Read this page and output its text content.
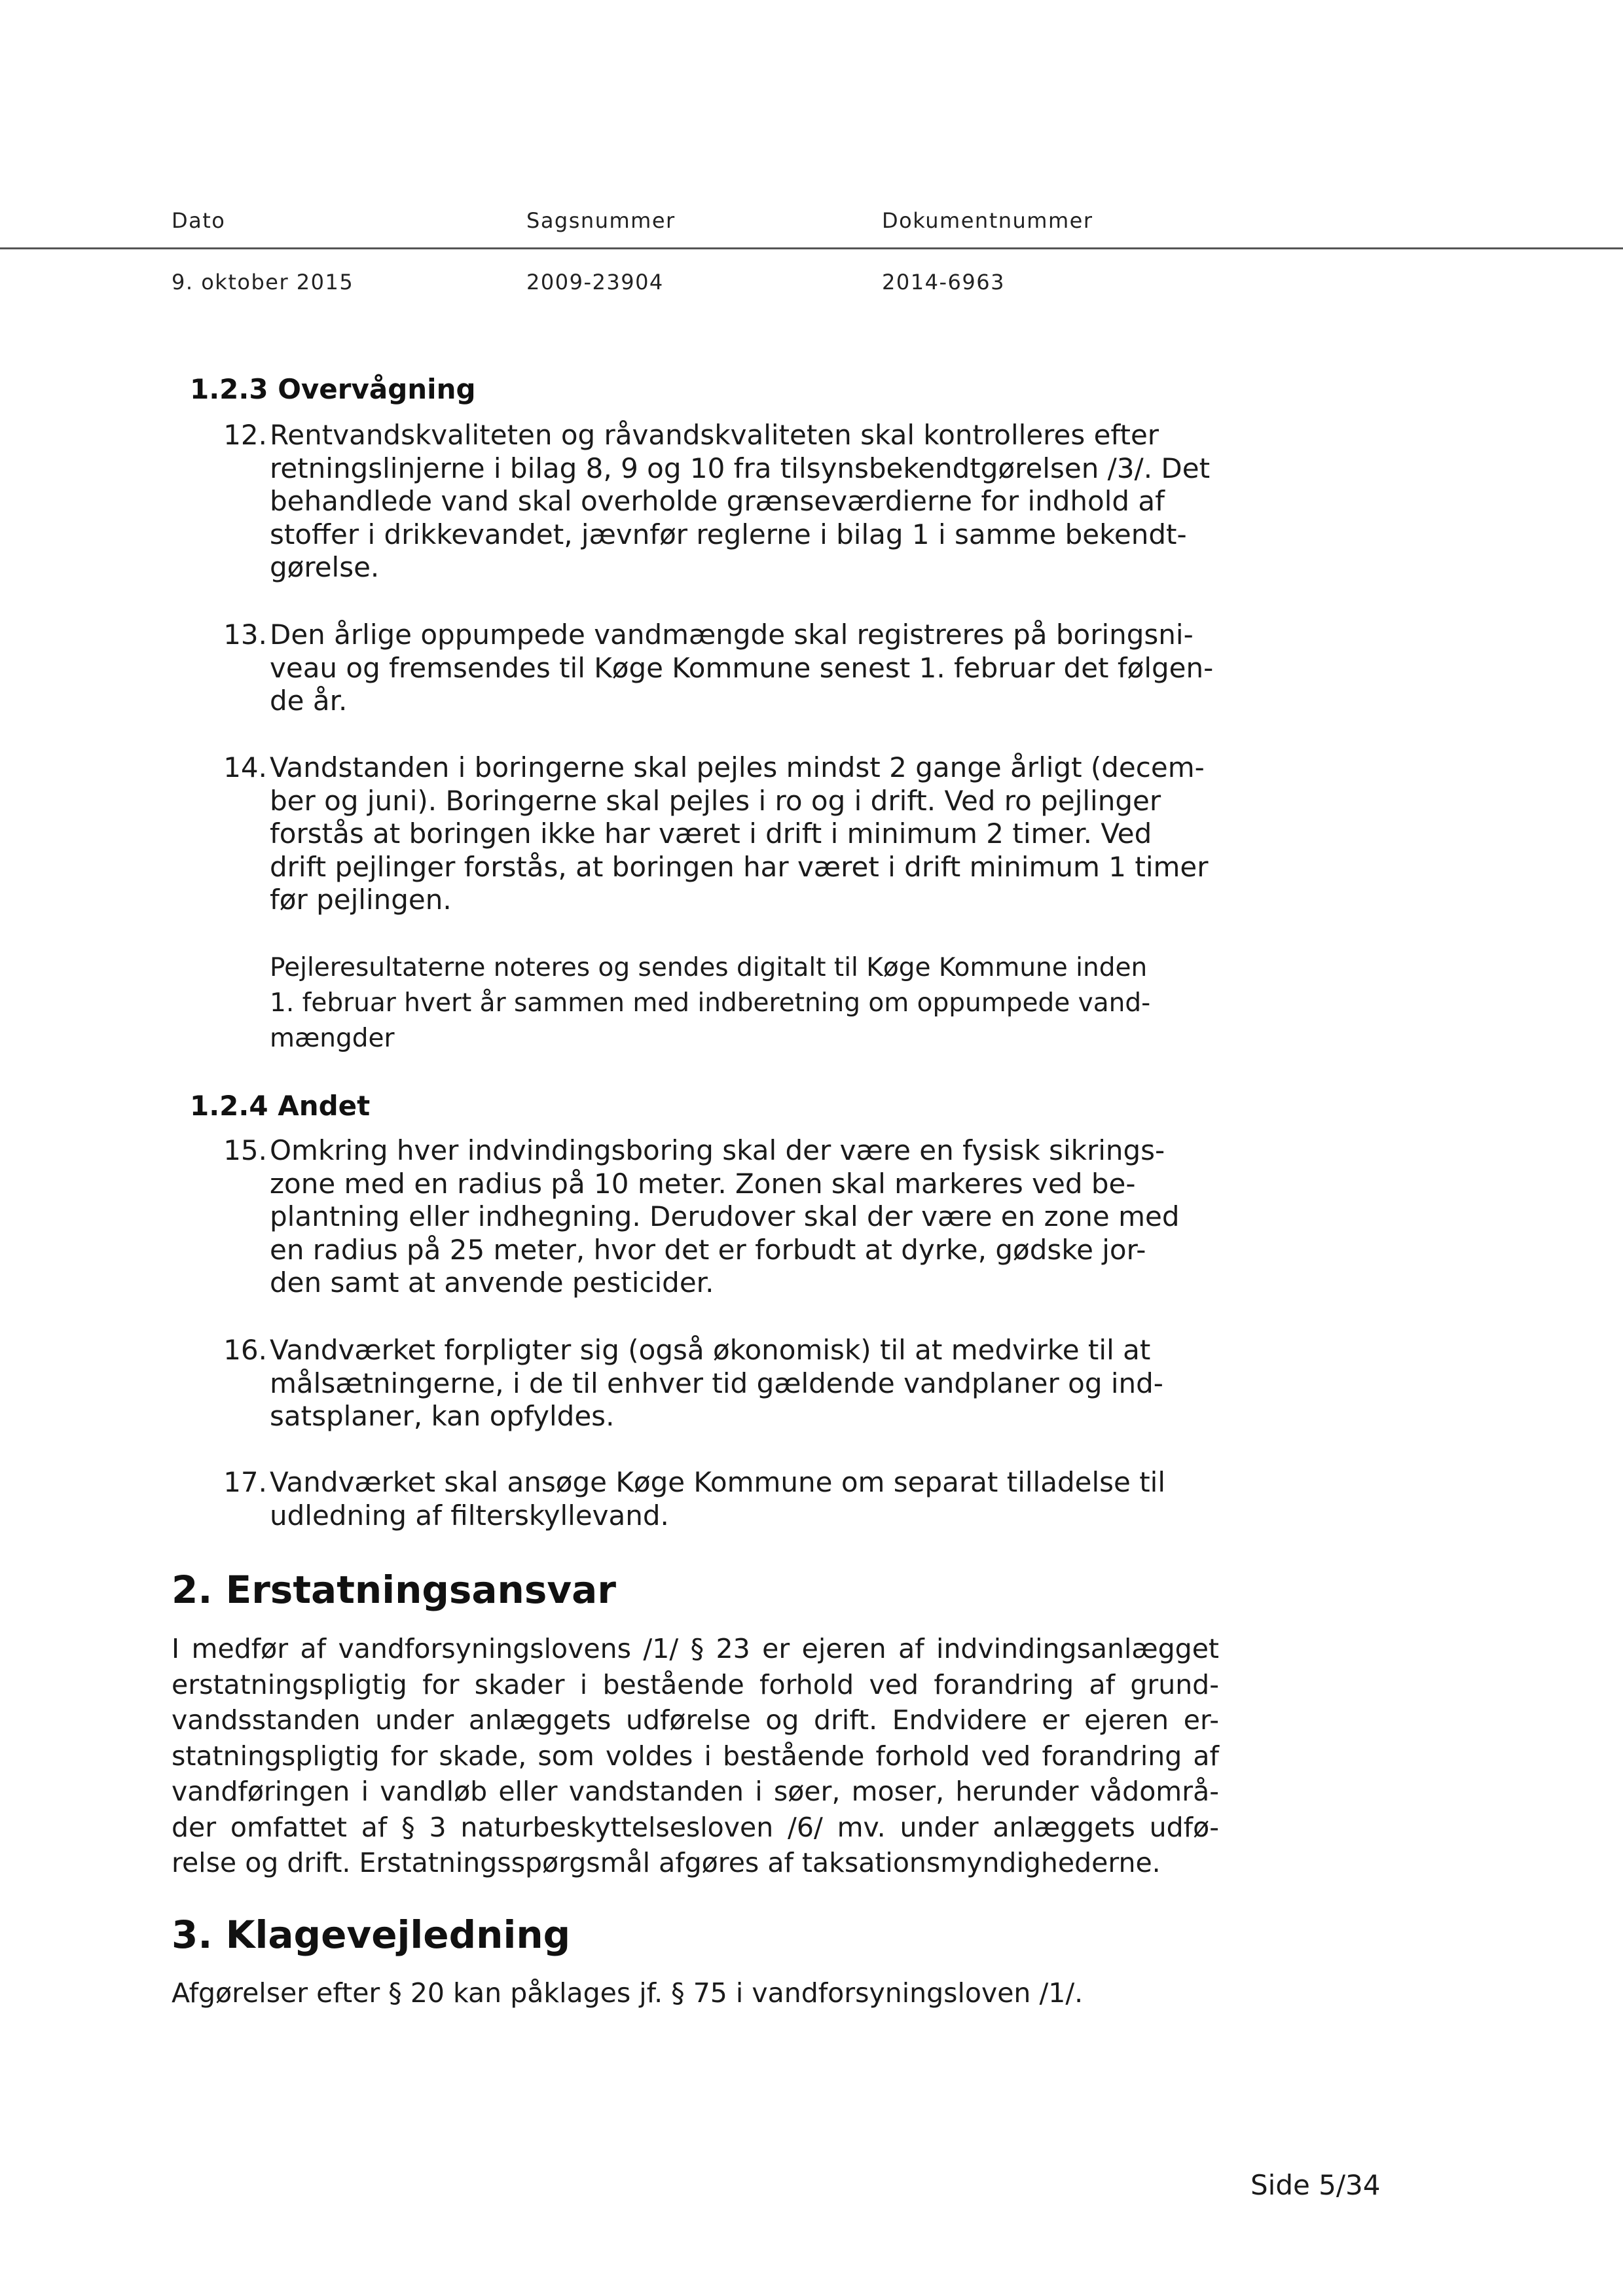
Dato	Sagsnummer	Dokumentnummer
9. oktober 2015	2009-23904	2014-6963
1.2.3 Overvågning
12. Rentvandskvaliteten og råvandskvaliteten skal kontrolleres efter
retningslinjerne i bilag 8, 9 og 10 fra tilsynsbekendtgørelsen /3/. Det
behandlede vand skal overholde grænseværdierne for indhold af
stoffer i drikkevandet, jævnfør reglerne i bilag 1 i samme bekendt-
gørelse.
13. Den årlige oppumpede vandmængde skal registreres på boringsni-
veau og fremsendes til Køge Kommune senest 1. februar det følgen-
de år.
14. Vandstanden i boringerne skal pejles mindst 2 gange årligt (decem-
ber og juni). Boringerne skal pejles i ro og i drift. Ved ro pejlinger
forstås at boringen ikke har været i drift i minimum 2 timer. Ved
drift pejlinger forstås, at boringen har været i drift minimum 1 timer
før pejlingen.
Pejleresultaterne noteres og sendes digitalt til Køge Kommune inden
1. februar hvert år sammen med indberetning om oppumpede vand-
mængder
1.2.4 Andet
15. Omkring hver indvindingsboring skal der være en fysisk sikrings-
zone med en radius på 10 meter. Zonen skal markeres ved be-
plantning eller indhegning. Derudover skal der være en zone med
en radius på 25 meter, hvor det er forbudt at dyrke, gødske jor-
den samt at anvende pesticider.
16. Vandværket forpligter sig (også økonomisk) til at medvirke til at
målsætningerne, i de til enhver tid gældende vandplaner og ind-
satsplaner, kan opfyldes.
17. Vandværket skal ansøge Køge Kommune om separat tilladelse til
udledning af filterskyllevand.
2. Erstatningsansvar
I medfør af vandforsyningslovens /1/ § 23 er ejeren af indvindingsanlægget
erstatningspligtig for skader i bestående forhold ved forandring af grund-
vandsstanden under anlæggets udførelse og drift. Endvidere er ejeren er-
statningspligtig for skade, som voldes i bestående forhold ved forandring af
vandføringen i vandløb eller vandstanden i søer, moser, herunder vådområ-
der omfattet af § 3 naturbeskyttelsesloven /6/ mv. under anlæggets udfø-
relse og drift. Erstatningsspørgsmål afgøres af taksationsmyndighederne.
3. Klagevejledning
Afgørelser efter § 20 kan påklages jf. § 75 i vandforsyningsloven /1/.
Side 5/34
